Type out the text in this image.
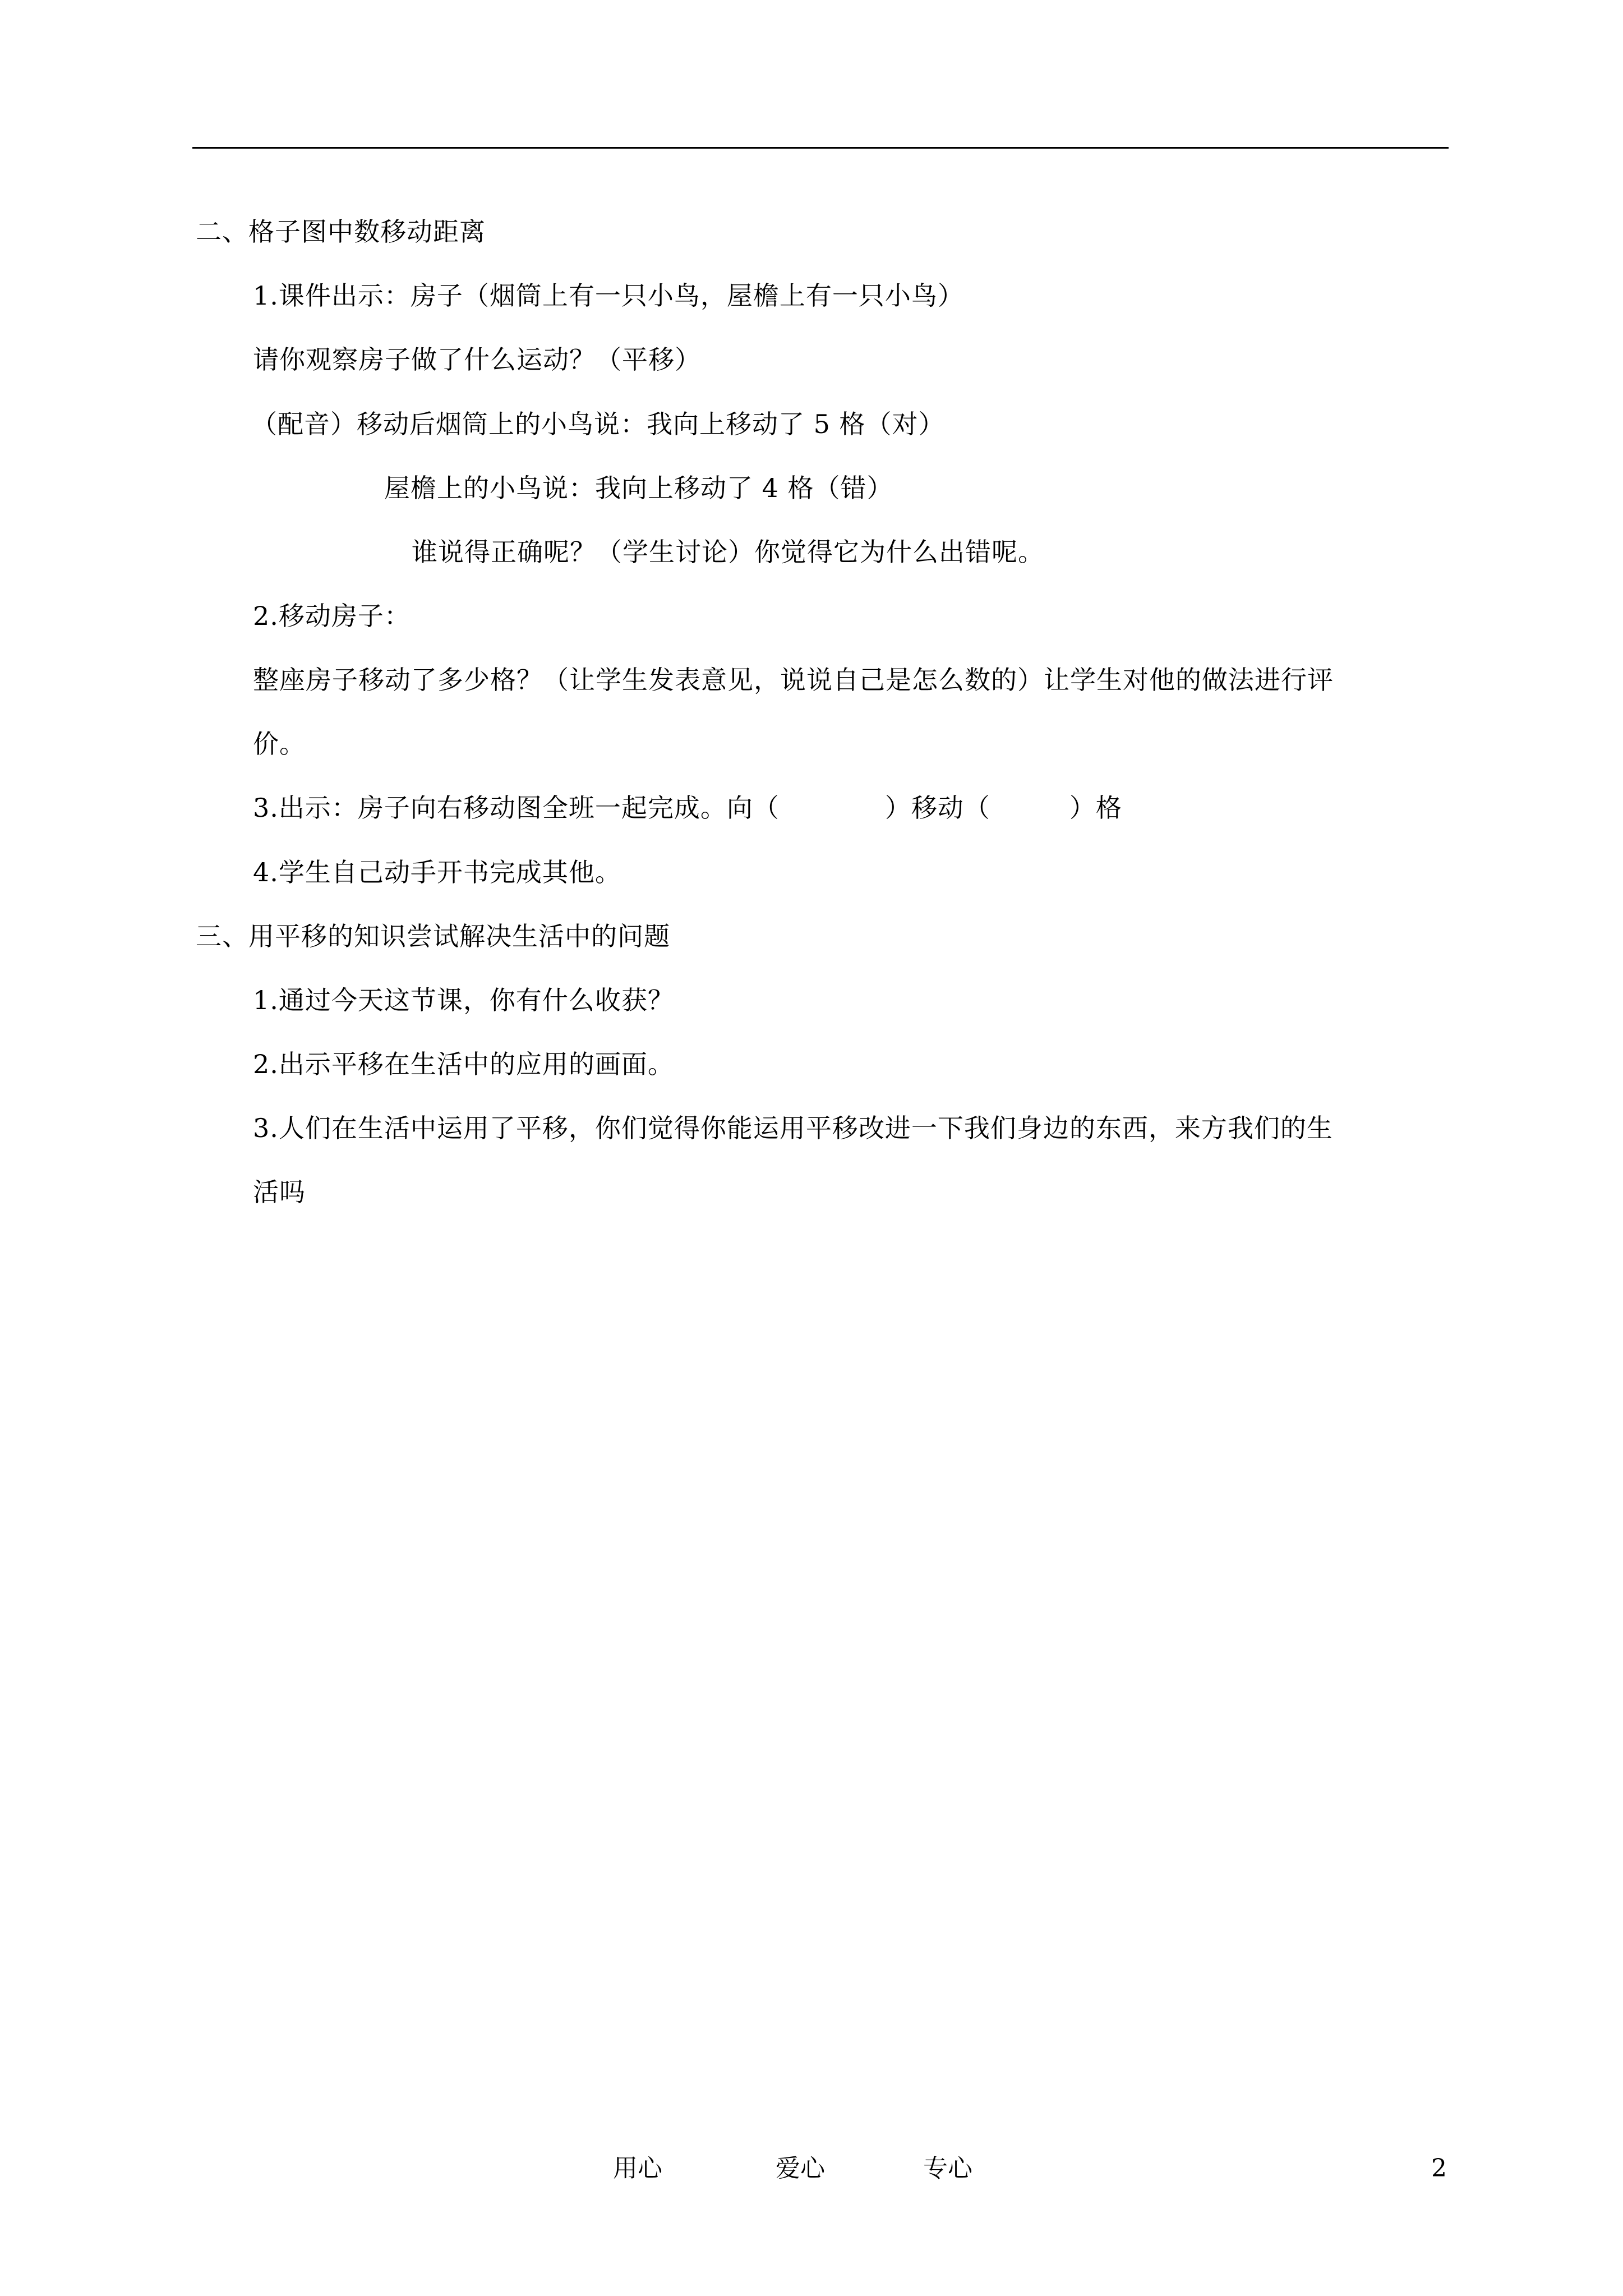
二、格子图中数移动距离
1.课件出示：房子（烟筒上有一只小鸟，屋檐上有一只小鸟）
请你观察房子做了什么运动？（平移）
（配音）移动后烟筒上的小鸟说：我向上移动了 5 格（对）
屋檐上的小鸟说：我向上移动了 4 格（错）
谁说得正确呢？（学生讨论）你觉得它为什么出错呢。
2.移动房子：
整座房子移动了多少格？（让学生发表意见，说说自己是怎么数的）让学生对他的做法进行评
价。
3.出示：房子向右移动图全班一起完成。向（　　　　）移动（　　　）格
4.学生自己动手开书完成其他。
三、用平移的知识尝试解决生活中的问题
1.通过今天这节课，你有什么收获？
2.出示平移在生活中的应用的画面。
3.人们在生活中运用了平移，你们觉得你能运用平移改进一下我们身边的东西，来方我们的生
活吗
用心	爱心	专心	2
